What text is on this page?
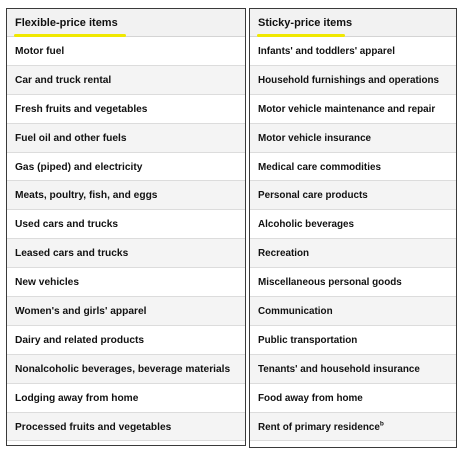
Flexible-price items
Motor fuel
Car and truck rental
Fresh fruits and vegetables
Fuel oil and other fuels
Gas (piped) and electricity
Meats, poultry, fish, and eggs
Used cars and trucks
Leased cars and trucks
New vehicles
Women's and girls' apparel
Dairy and related products
Nonalcoholic beverages, beverage materials
Lodging away from home
Processed fruits and vegetables
Sticky-price items
Infants' and toddlers' apparel
Household furnishings and operations
Motor vehicle maintenance and repair
Motor vehicle insurance
Medical care commodities
Personal care products
Alcoholic beverages
Recreation
Miscellaneous personal goods
Communication
Public transportation
Tenants' and household insurance
Food away from home
Rent of primary residence$^b$
